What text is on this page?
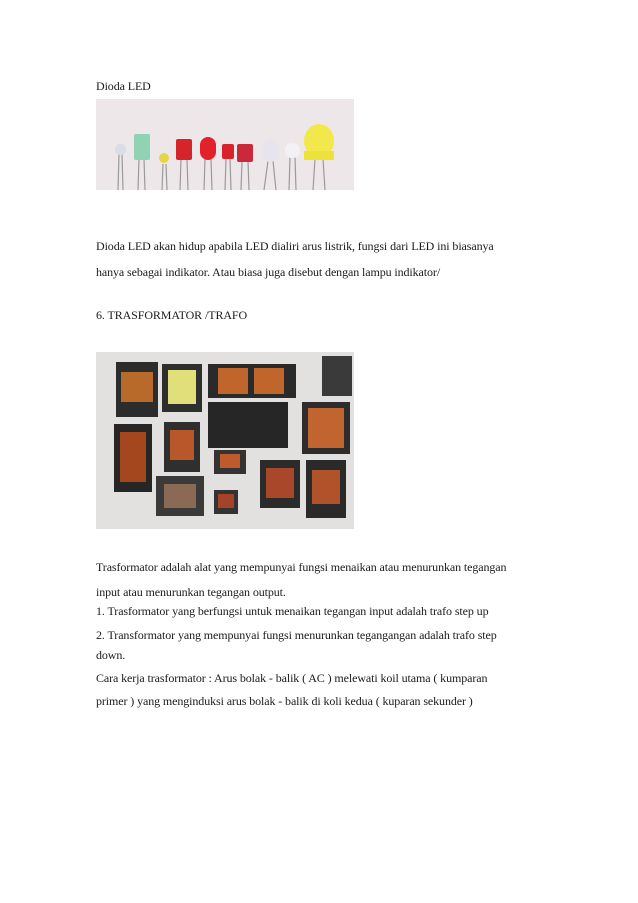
Dioda LED
Dioda LED akan hidup apabila LED dialiri arus listrik, fungsi dari LED ini biasanya
hanya sebagai indikator. Atau biasa juga disebut dengan lampu indikator/
6. TRASFORMATOR /TRAFO
Trasformator adalah alat yang mempunyai fungsi menaikan atau menurunkan tegangan
input atau menurunkan tegangan output.
1. Trasformator yang berfungsi untuk menaikan tegangan input adalah trafo step up
2. Transformator yang mempunyai fungsi menurunkan tegangangan adalah trafo step
down.
Cara kerja trasformator : Arus bolak - balik ( AC ) melewati koil utama ( kumparan
primer ) yang menginduksi arus bolak - balik di koli kedua ( kuparan sekunder )
